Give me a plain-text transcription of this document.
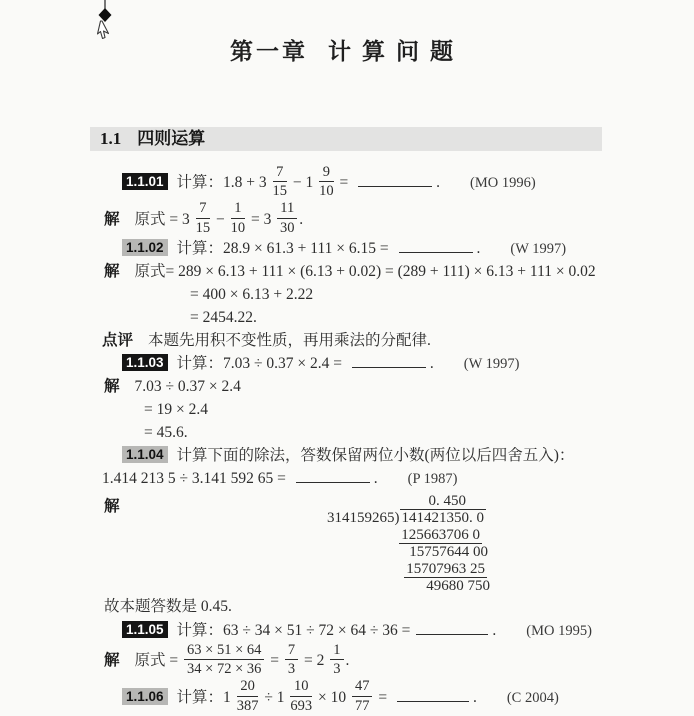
第一章 计算问题
1.1 四则运算
1.1.01 计算：$1.8 + 3 \frac{7}{15} - 1 \frac{9}{10}$ =	. (MO 1996)
解 原式 = $3 \frac{7}{15} - \frac{1}{10} = 3 \frac{11}{30}$ .
1.1.02 计算：28.9 × 61.3 + 111 × 6.15 =	. (W 1997)
解 原式= 289 × 6.13 + 111 × (6.13 + 0.02) = (289 + 111) × 6.13 + 111 × 0.02
= 400 × 6.13 + 2.22
= 2454.22.
点评 本题先用积不变性质，再用乘法的分配律.
1.1.03 计算：7.03 ÷ 0.37 × 2.4 =	. (W 1997)
解 7.03 ÷ 0.37 × 2.4
= 19 × 2.4
= 45.6.
1.1.04 计算下面的除法，答数保留两位小数(两位以后四舍五入)：
1.414 213 5 ÷ 3.141 592 65 =	. (P 1987)
解	0. 450
314159265) 141421350. 0
125663706 0
15757644 00
15707963 25
49680 750
故本题答数是 0.45.
1.1.05 计算：63 ÷ 34 × 51 ÷ 72 × 64 ÷ 36 =	. (MO 1995)
解 原式 = $\frac{63 \times 51 \times 64}{34 \times 72 \times 36} = \frac{7}{3} = 2 \frac{1}{3}$ .
1.1.06 计算：$1 \frac{20}{387} \div 1 \frac{10}{693} \times 10 \frac{47}{77}$ =	. (C 2004)
